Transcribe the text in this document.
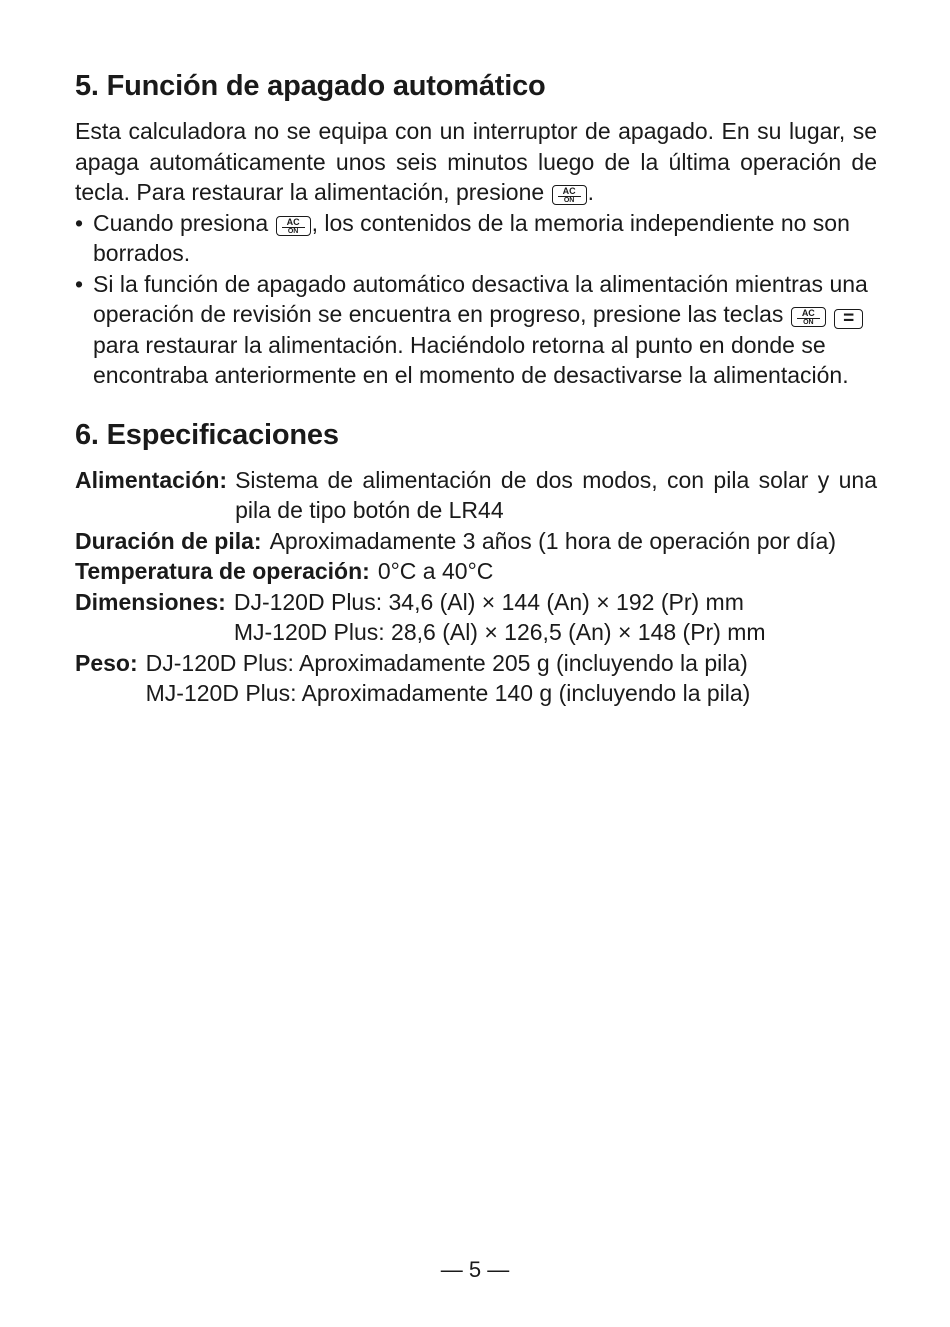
5. Función de apagado automático

Esta calculadora no se equipa con un interruptor de apagado. En su lugar, se apaga automáticamente unos seis minutos luego de la última operación de tecla. Para restaurar la alimentación, presione	AC
ON .

• Cuando presiona	AC
ON , los contenidos de la memoria independiente no son borrados.
• Si la función de apagado automático desactiva la alimentación mientras una operación de revisión se encuentra en progreso, presione las teclas	AC
ON	= para restaurar la alimentación. Haciéndolo retorna al punto en donde se encontraba anteriormente en el momento de desactivarse la alimentación.
6. Especificaciones
Alimentación: Sistema de alimentación de dos modos, con pila solar y una pila de tipo botón de LR44
Duración de pila: Aproximadamente 3 años (1 hora de operación por día)
Temperatura de operación: 0°C a 40°C
Dimensiones: DJ-120D Plus: 34,6 (Al) × 144 (An) × 192 (Pr) mm
MJ-120D Plus: 28,6 (Al) × 126,5 (An) × 148 (Pr) mm
Peso: DJ-120D Plus: Aproximadamente 205 g (incluyendo la pila)
MJ-120D Plus: Aproximadamente 140 g (incluyendo la pila)
— 5 —
